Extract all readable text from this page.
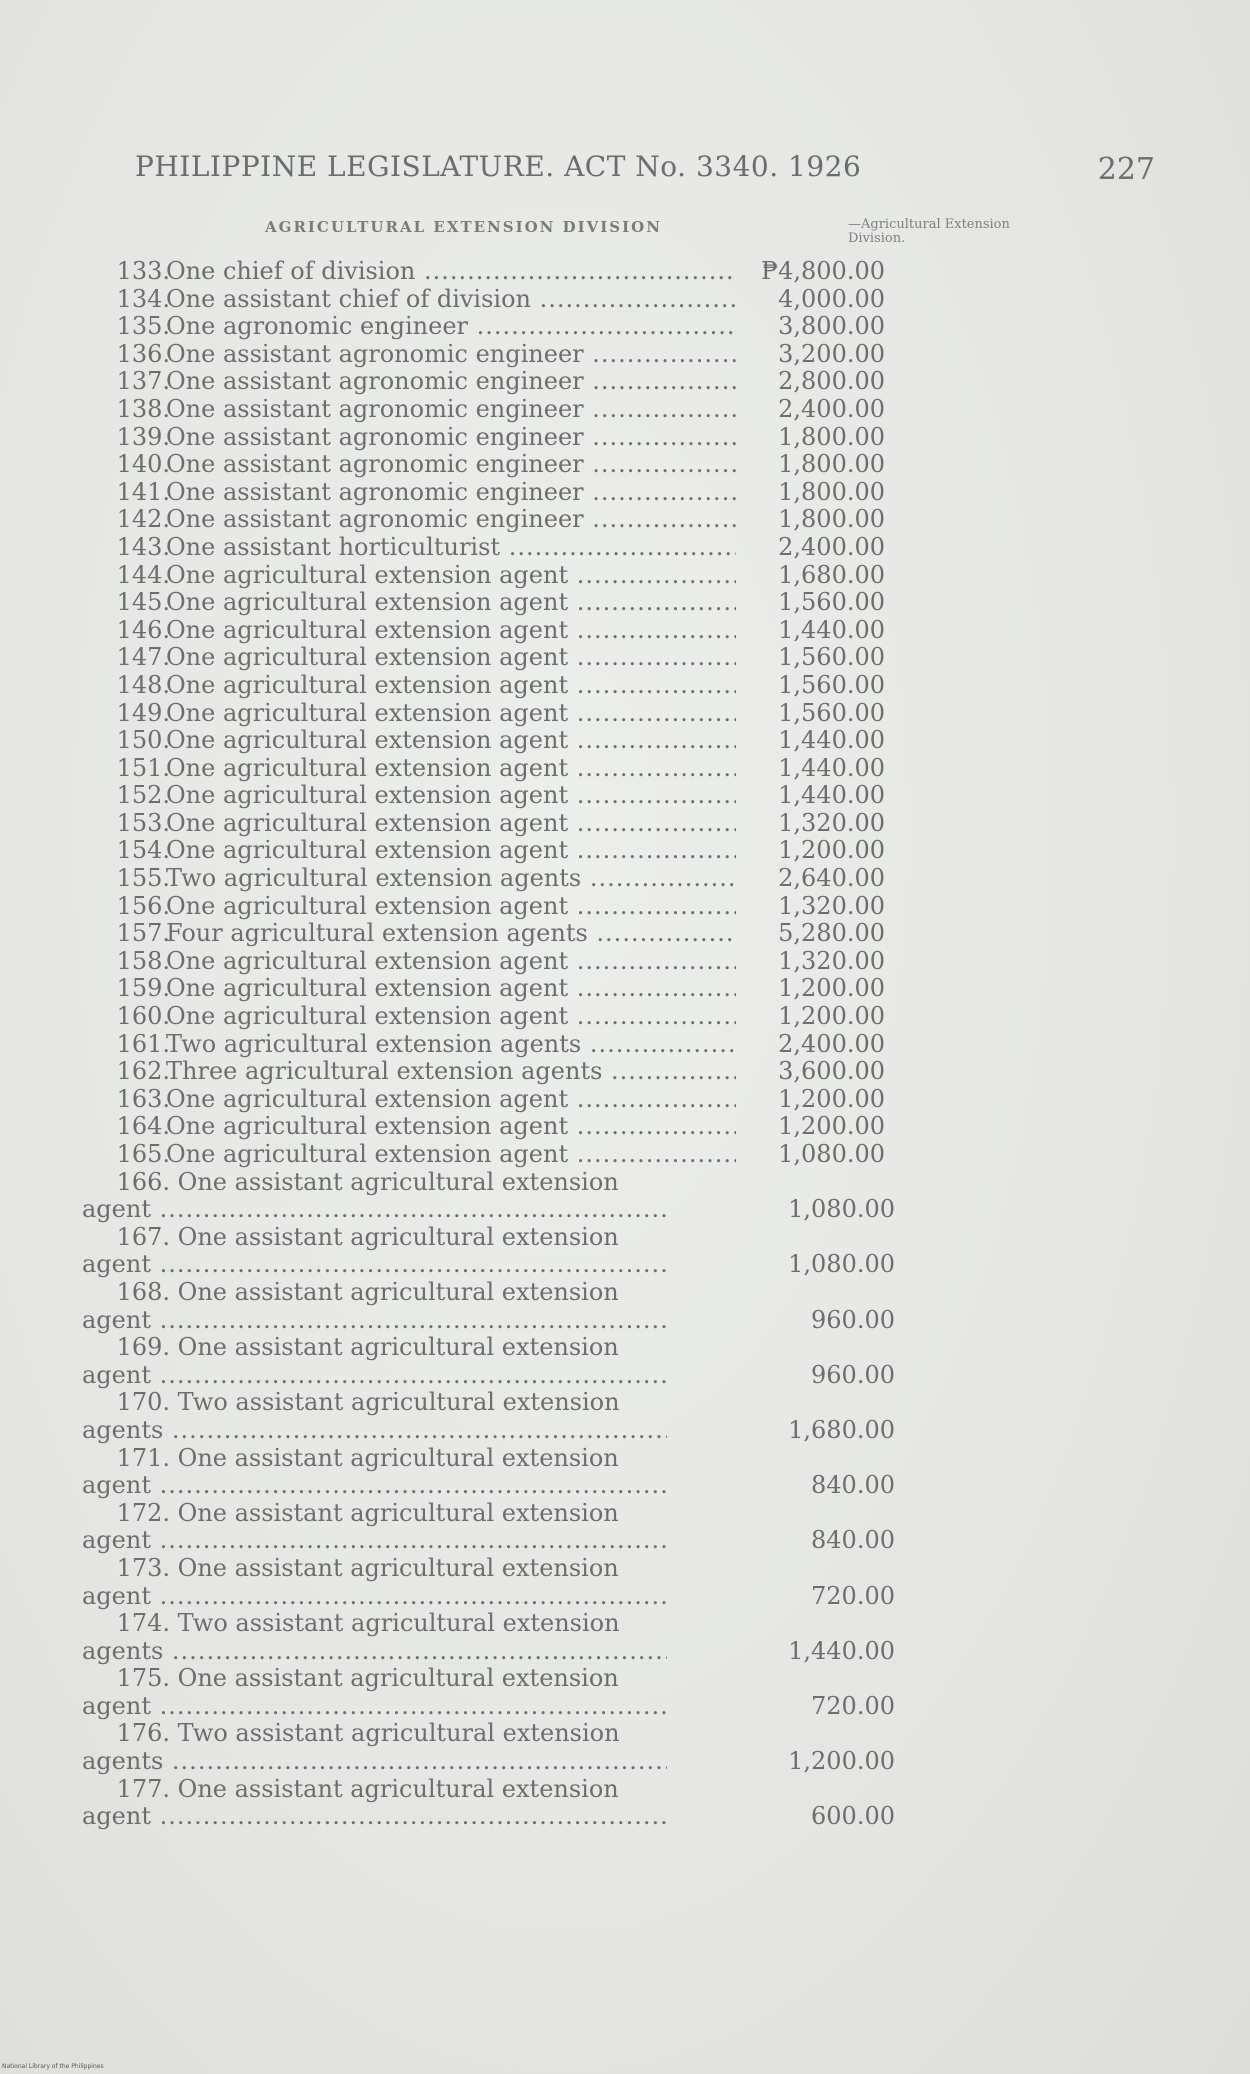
PHILIPPINE LEGISLATURE. ACT No. 3340. 1926	227
AGRICULTURAL EXTENSION DIVISION	—Agricultural Extension Division.
133.
One chief of division .....	₱4,800.00
134.
One assistant chief of division .....	4,000.00
135.
One agronomic engineer .....	3,800.00
136.
One assistant agronomic engineer .....	3,200.00
137.
One assistant agronomic engineer .....	2,800.00
138.
One assistant agronomic engineer .....	2,400.00
139.
One assistant agronomic engineer .....	1,800.00
140.
One assistant agronomic engineer .....	1,800.00
141.
One assistant agronomic engineer .....	1,800.00
142.
One assistant agronomic engineer .....	1,800.00
143.
One assistant horticulturist .....	2,400.00
144.
One agricultural extension agent .....	1,680.00
145.
One agricultural extension agent .....	1,560.00
146.
One agricultural extension agent .....	1,440.00
147.
One agricultural extension agent .....	1,560.00
148.
One agricultural extension agent .....	1,560.00
149.
One agricultural extension agent .....	1,560.00
150.
One agricultural extension agent .....	1,440.00
151.
One agricultural extension agent .....	1,440.00
152.
One agricultural extension agent .....	1,440.00
153.
One agricultural extension agent .....	1,320.00
154.
One agricultural extension agent .....	1,200.00
155.
Two agricultural extension agents .....	2,640.00
156.
One agricultural extension agent .....	1,320.00
157.
Four agricultural extension agents .....	5,280.00
158.
One agricultural extension agent .....	1,320.00
159.
One agricultural extension agent .....	1,200.00
160.
One agricultural extension agent .....	1,200.00
161.
Two agricultural extension agents .....	2,400.00
162.
Three agricultural extension agents .....	3,600.00
163.
One agricultural extension agent .....	1,200.00
164.
One agricultural extension agent .....	1,200.00
165.
One agricultural extension agent .....	1,080.00
166. One assistant agricultural extension
agent .....	1,080.00
167. One assistant agricultural extension
agent .....	1,080.00
168. One assistant agricultural extension
agent .....	960.00
169. One assistant agricultural extension
agent .....	960.00
170. Two assistant agricultural extension
agents .....	1,680.00
171. One assistant agricultural extension
agent .....	840.00
172. One assistant agricultural extension
agent .....	840.00
173. One assistant agricultural extension
agent .....	720.00
174. Two assistant agricultural extension
agents .....	1,440.00
175. One assistant agricultural extension
agent .....	720.00
176. Two assistant agricultural extension
agents .....	1,200.00
177. One assistant agricultural extension
agent .....	600.00
National Library of the Philippines
